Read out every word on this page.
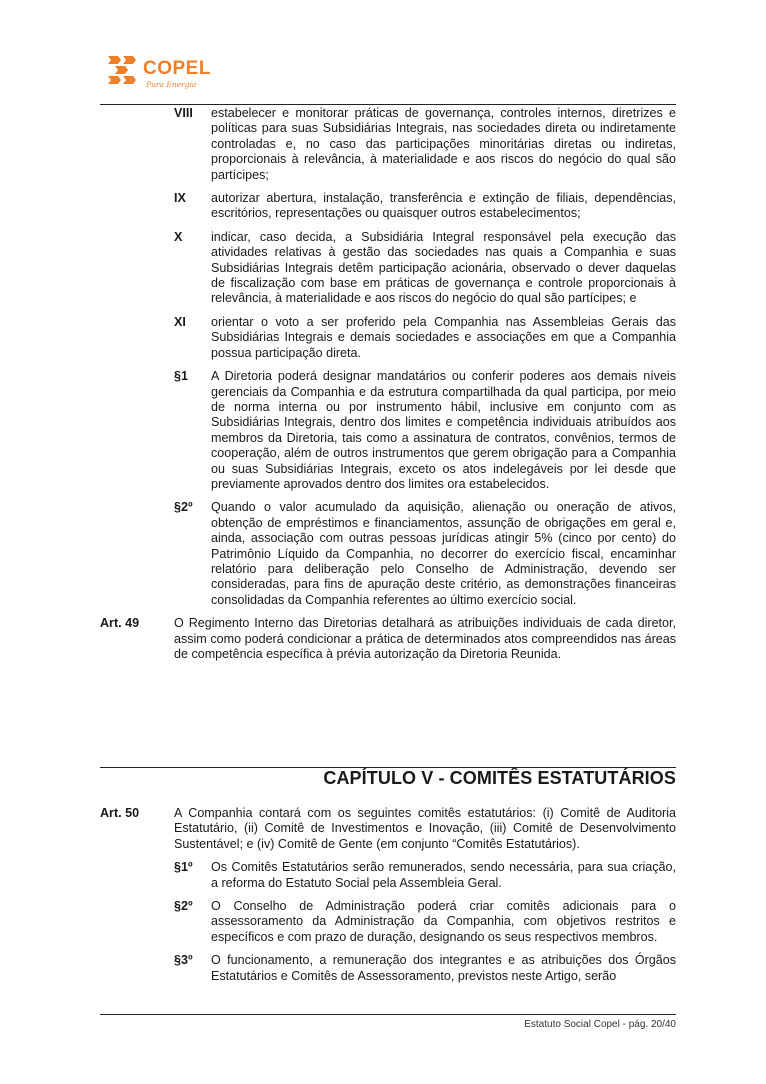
COPEL
Pura Energia
VIII estabelecer e monitorar práticas de governança, controles internos, diretrizes e políticas para suas Subsidiárias Integrais, nas sociedades direta ou indiretamente controladas e, no caso das participações minoritárias diretas ou indiretas, proporcionais à relevância, à materialidade e aos riscos do negócio do qual são partícipes;
IX autorizar abertura, instalação, transferência e extinção de filiais, dependências, escritórios, representações ou quaisquer outros estabelecimentos;
X indicar, caso decida, a Subsidiária Integral responsável pela execução das atividades relativas à gestão das sociedades nas quais a Companhia e suas Subsidiárias Integrais detêm participação acionária, observado o dever daquelas de fiscalização com base em práticas de governança e controle proporcionais à relevância, à materialidade e aos riscos do negócio do qual são partícipes; e
XI orientar o voto a ser proferido pela Companhia nas Assembleias Gerais das Subsidiárias Integrais e demais sociedades e associações em que a Companhia possua participação direta.
§1 A Diretoria poderá designar mandatários ou conferir poderes aos demais níveis gerenciais da Companhia e da estrutura compartilhada da qual participa, por meio de norma interna ou por instrumento hábil, inclusive em conjunto com as Subsidiárias Integrais, dentro dos limites e competência individuais atribuídos aos membros da Diretoria, tais como a assinatura de contratos, convênios, termos de cooperação, além de outros instrumentos que gerem obrigação para a Companhia ou suas Subsidiárias Integrais, exceto os atos indelegáveis por lei desde que previamente aprovados dentro dos limites ora estabelecidos.
§2º Quando o valor acumulado da aquisição, alienação ou oneração de ativos, obtenção de empréstimos e financiamentos, assunção de obrigações em geral e, ainda, associação com outras pessoas jurídicas atingir 5% (cinco por cento) do Patrimônio Líquido da Companhia, no decorrer do exercício fiscal, encaminhar relatório para deliberação pelo Conselho de Administração, devendo ser consideradas, para fins de apuração deste critério, as demonstrações financeiras consolidadas da Companhia referentes ao último exercício social.
Art. 49	O Regimento Interno das Diretorias detalhará as atribuições individuais de cada diretor, assim como poderá condicionar a prática de determinados atos compreendidos nas áreas de competência específica à prévia autorização da Diretoria Reunida.
CAPÍTULO V - COMITÊS ESTATUTÁRIOS
Art. 50	A Companhia contará com os seguintes comitês estatutários: (i) Comitê de Auditoria Estatutário, (ii) Comitê de Investimentos e Inovação, (iii) Comitê de Desenvolvimento Sustentável; e (iv) Comitê de Gente (em conjunto “Comitês Estatutários).
§1º Os Comitês Estatutários serão remunerados, sendo necessária, para sua criação, a reforma do Estatuto Social pela Assembleia Geral.
§2º O Conselho de Administração poderá criar comitês adicionais para o assessoramento da Administração da Companhia, com objetivos restritos e específicos e com prazo de duração, designando os seus respectivos membros.
§3º O funcionamento, a remuneração dos integrantes e as atribuições dos Órgãos Estatutários e Comitês de Assessoramento, previstos neste Artigo, serão
Estatuto Social Copel - pág. 20/40
